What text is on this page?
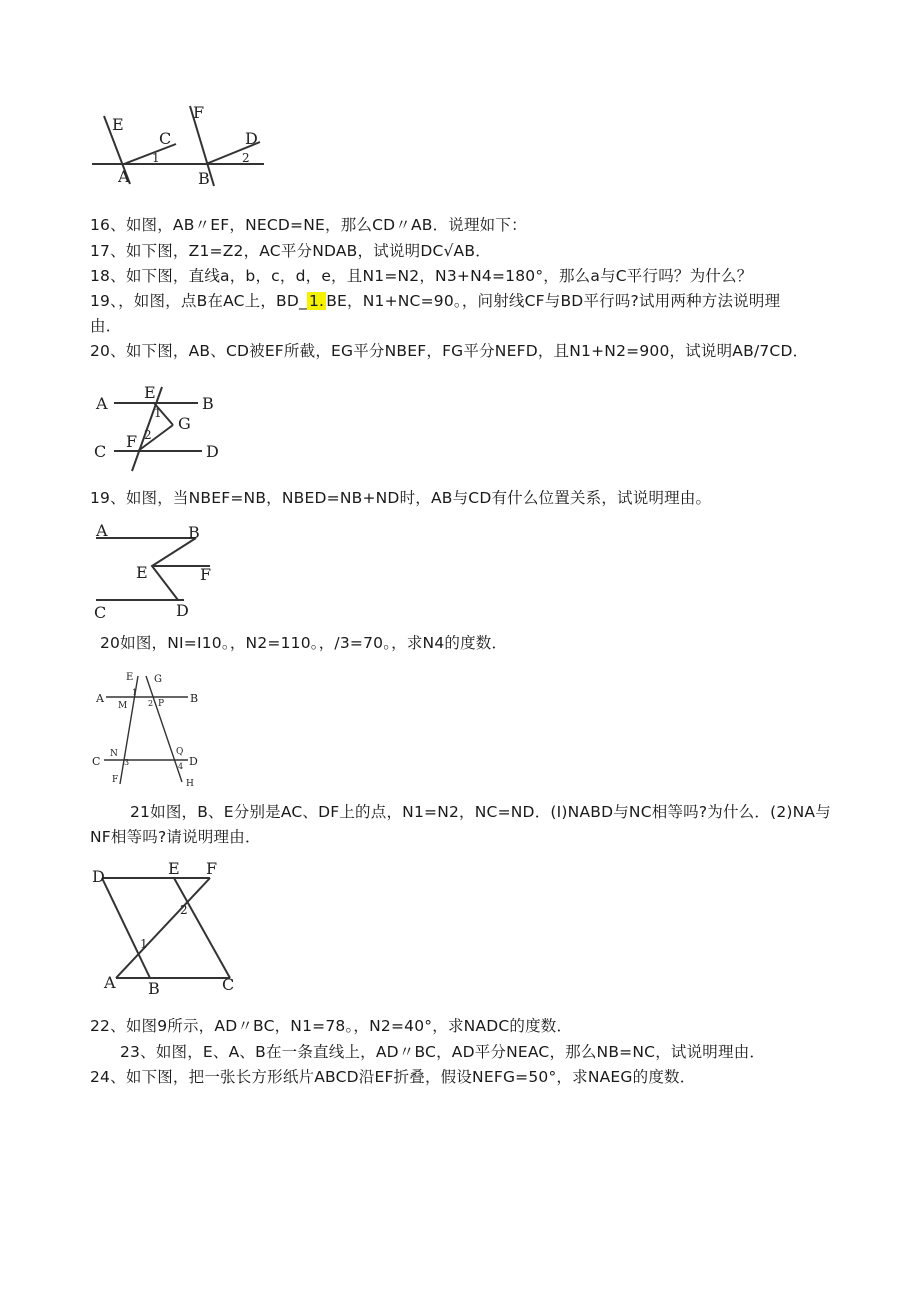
E
C
1
A
F
D
2
B
16、如图，AB〃EF，NECD=NE，那么CD〃AB．说理如下：
17、如下图，Z1=Z2，AC平分NDAB，试说明DC√AB．
18、如下图，直线a，b，c，d，e，且N1=N2，N3+N4=180°，那么a与C平行吗？为什么？
19、，如图，点B在AC上，BD_ 1. BE，N1+NC=90。，问射线CF与BD平行吗?试用两种方法说明理
由．
20、如下图，AB、CD被EF所截，EG平分NBEF，FG平分NEFD，且N1+N2=900，试说明AB/7CD．
A
E
B
1
G
2
C
F
D
19、如图，当NBEF=NB，NBED=NB+ND时，AB与CD有什么位置关系，试说明理由。
A	B
E	F
C	D
20如图，NI=I10。，N2=110。，/3=70。，求N4的度数．
E G
A	B
M
1
2 P
N	Q
C	D
3	4
F	H
21如图，B、E分别是AC、DF上的点，N1=N2，NC=ND．(I)NABD与NC相等吗?为什么．(2)NA与
NF相等吗?请说明理由．
D	E F
2
1
A B	C
22、如图9所示，AD〃BC，N1=78。，N2=40°，求NADC的度数．
23、如图，E、A、B在一条直线上，AD〃BC，AD平分NEAC，那么NB=NC，试说明理由．
24、如下图，把一张长方形纸片ABCD沿EF折叠，假设NEFG=50°，求NAEG的度数．
